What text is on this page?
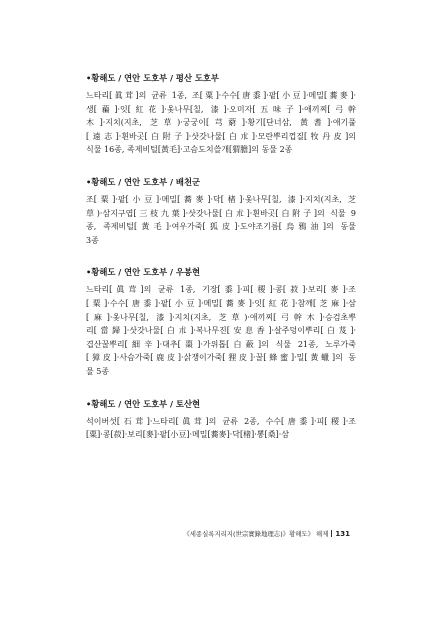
•황해도 / 연안 도호부 / 평산 도호부
느타리[眞茸]의 균류 1종, 조[粟]·수수[唐黍]·팥[小豆]·메밀[蕎麥]·
생[藊]·잇[紅花]·옻나무[칠, 漆]·오미자[五味子]·애끼찌[弓幹
木]·지치(지초, 芝草)·궁궁이[芎藭]·황기[단너삼, 黃耆]·애기풀
[遠志]·흰바곳[白附子]·삿갓나물[白朮]·모란뿌리껍질[牧丹皮]의
식물 16종, 족제비털[黃毛]·고슴도치쓸개[猬膽]의 동물 2종
•황해도 / 연안 도호부 / 배천군
조[粟]·팥[小豆]·메밀[蕎麥]·닥[楮]·옻나무[칠, 漆]·지치(지초, 芝
草)·삼지구엽[三枝九葉]·삿갓나물[白朮]·흰바곳[白附子]의 식물 9
종, 족제비털[黃毛]·여우가죽[狐皮]·도야조기름[烏鴉油]의 동물
3종
•황해도 / 연안 도호부 / 우봉현
느타리[眞茸]의 균류 1종, 기장[黍]·피[稷]·콩[菽]·보리[麥]·조
[粟]·수수[唐黍]·팥[小豆]·메밀[蕎麥]·잇[紅花]·참깨[芝麻]·삼
[麻]·옻나무[칠, 漆]·지치(지초, 芝草)·애끼찌[弓幹木]·승검초뿌
리[當歸]·삿갓나물[白朮]·복나무진[安息香]·살주덩이뿌리[白芨]·
겹산꿀뿌리[細辛]·대추[棗]·가위톱[白蘞]의 식물 21종, 노루가죽
[獐皮]·사슴가죽[鹿皮]·삵쟁이가죽[狸皮]·꿀[蜂蜜]·밀[黃蠟]의 동
물 5종
•황해도 / 연안 도호부 / 토산현
석이버섯[石茸]·느타리[眞茸]의 균류 2종, 수수[唐黍]·피[稷]·조
[粟]·콩[菽]·보리[麥]·팥[小豆]·메밀[蕎麥]·닥[楮]·뽕[桑]·삼
《세종실록지리지(世宗實錄地理志)》황해도》 해제 131
